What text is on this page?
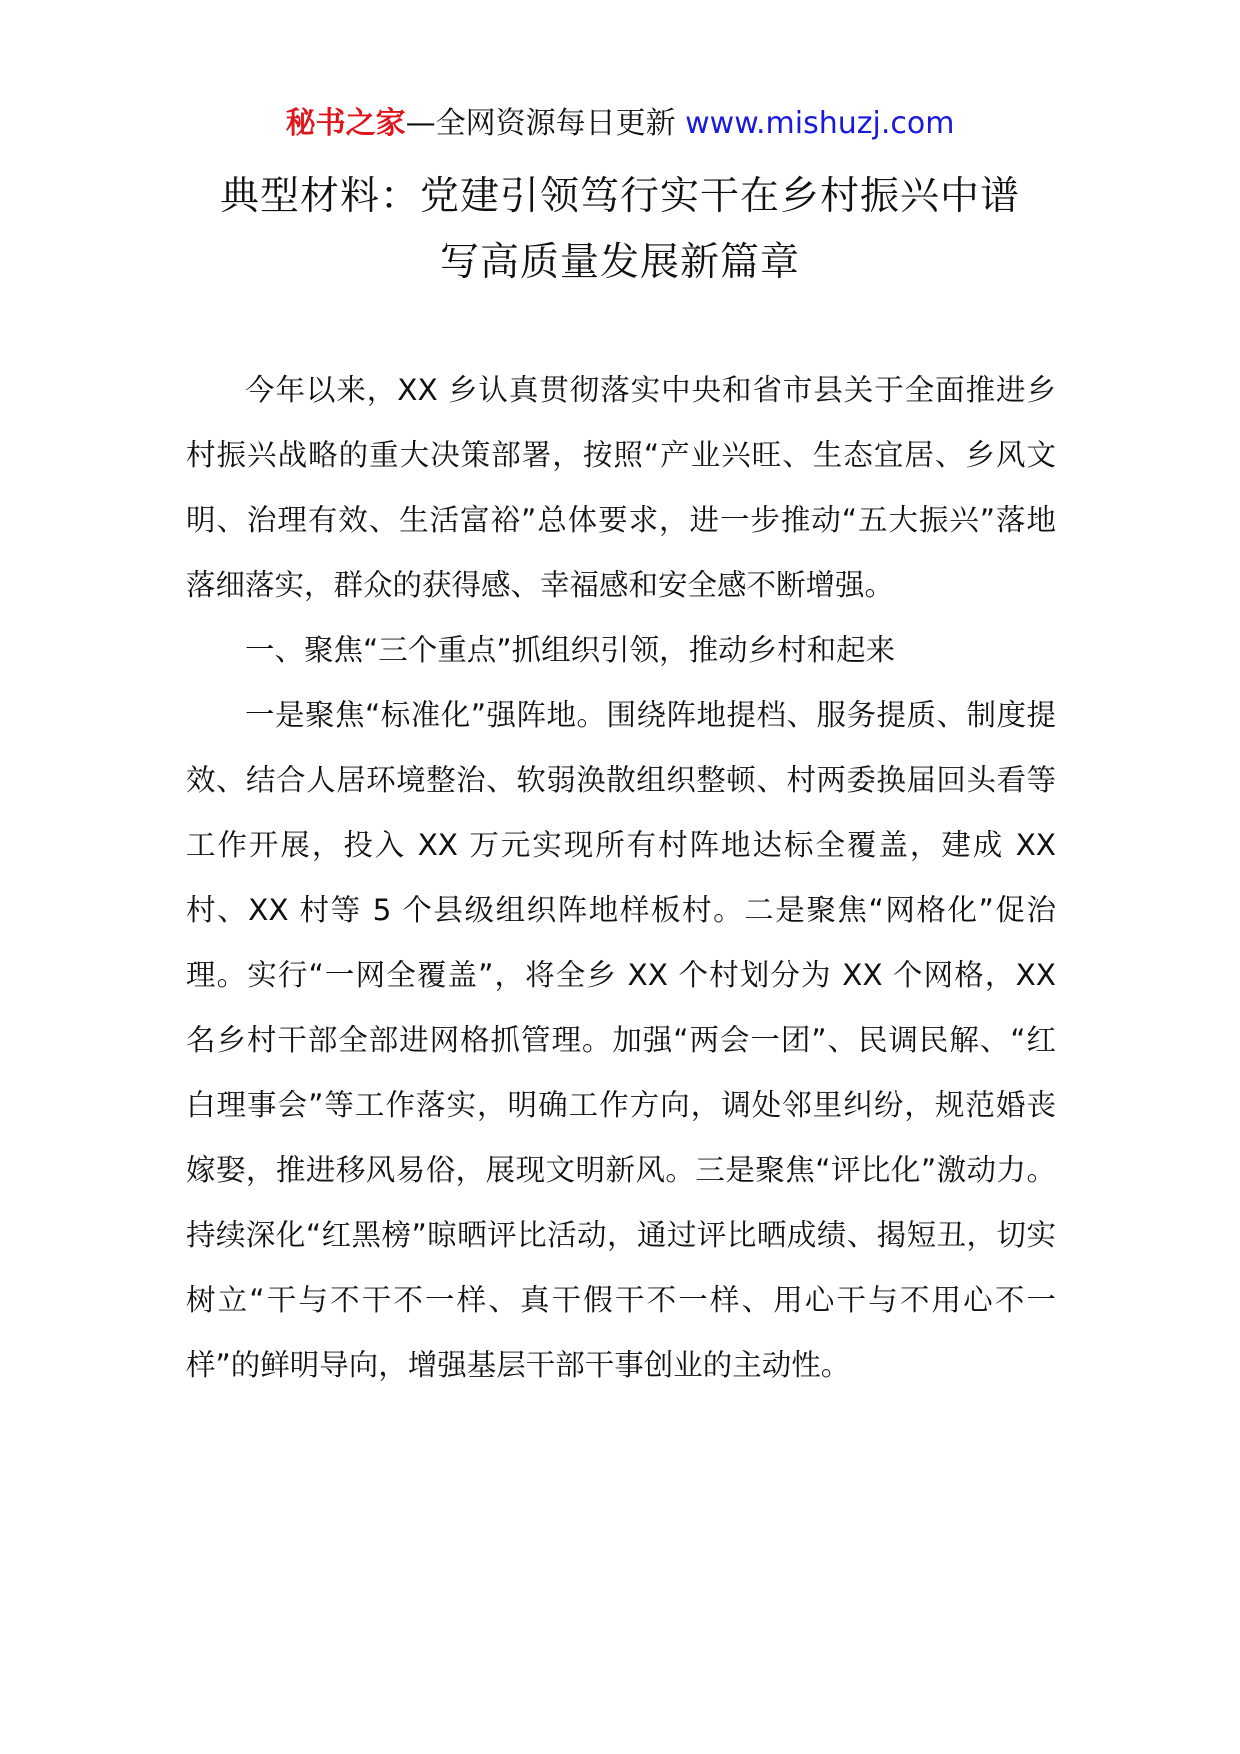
秘书之家—全网资源每日更新 www.mishuzj.com
典型材料：党建引领笃行实干在乡村振兴中谱
写高质量发展新篇章

今年以来，XX 乡认真贯彻落实中央和省市县关于全面推进乡村振兴战略的重大决策部署，按照“产业兴旺、生态宜居、乡风文明、治理有效、生活富裕”总体要求，进一步推动“五大振兴”落地落细落实，群众的获得感、幸福感和安全感不断增强。

一、聚焦“三个重点”抓组织引领，推动乡村和起来

一是聚焦“标准化”强阵地。围绕阵地提档、服务提质、制度提效、结合人居环境整治、软弱涣散组织整顿、村两委换届回头看等工作开展，投入 XX 万元实现所有村阵地达标全覆盖，建成 XX 村、XX 村等 5 个县级组织阵地样板村。二是聚焦“网格化”促治理。实行“一网全覆盖”，将全乡 XX 个村划分为 XX 个网格，XX 名乡村干部全部进网格抓管理。加强“两会一团”、民调民解、“红白理事会”等工作落实，明确工作方向，调处邻里纠纷，规范婚丧嫁娶，推进移风易俗，展现文明新风。三是聚焦“评比化”激动力。持续深化“红黑榜”晾晒评比活动，通过评比晒成绩、揭短丑，切实树立“干与不干不一样、真干假干不一样、用心干与不用心不一样”的鲜明导向，增强基层干部干事创业的主动性。
